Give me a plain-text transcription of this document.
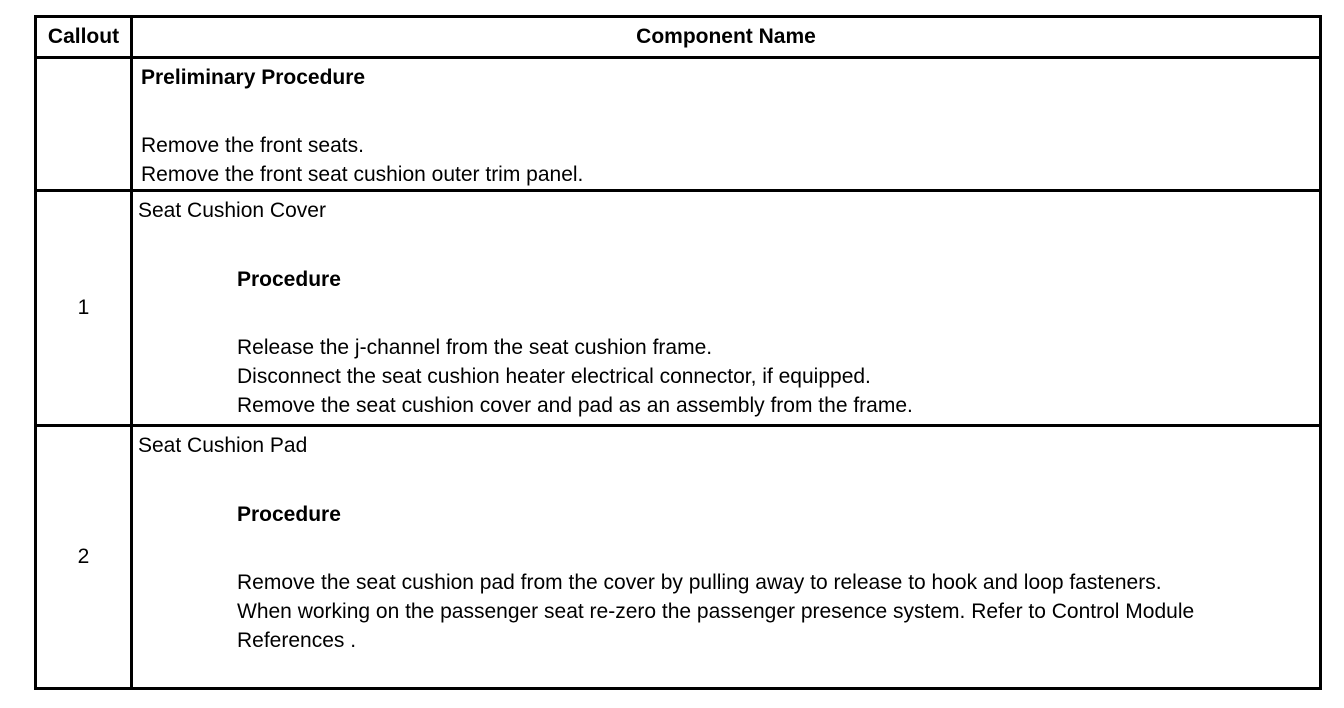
Callout	Component Name

	Preliminary Procedure
Remove the front seats.
Remove the front seat cushion outer trim panel.

1	Seat Cushion Cover
Procedure
Release the j-channel from the seat cushion frame.
Disconnect the seat cushion heater electrical connector, if equipped.
Remove the seat cushion cover and pad as an assembly from the frame.

2	Seat Cushion Pad
Procedure
Remove the seat cushion pad from the cover by pulling away to release to hook and loop fasteners.
When working on the passenger seat re-zero the passenger presence system. Refer to Control Module References .
